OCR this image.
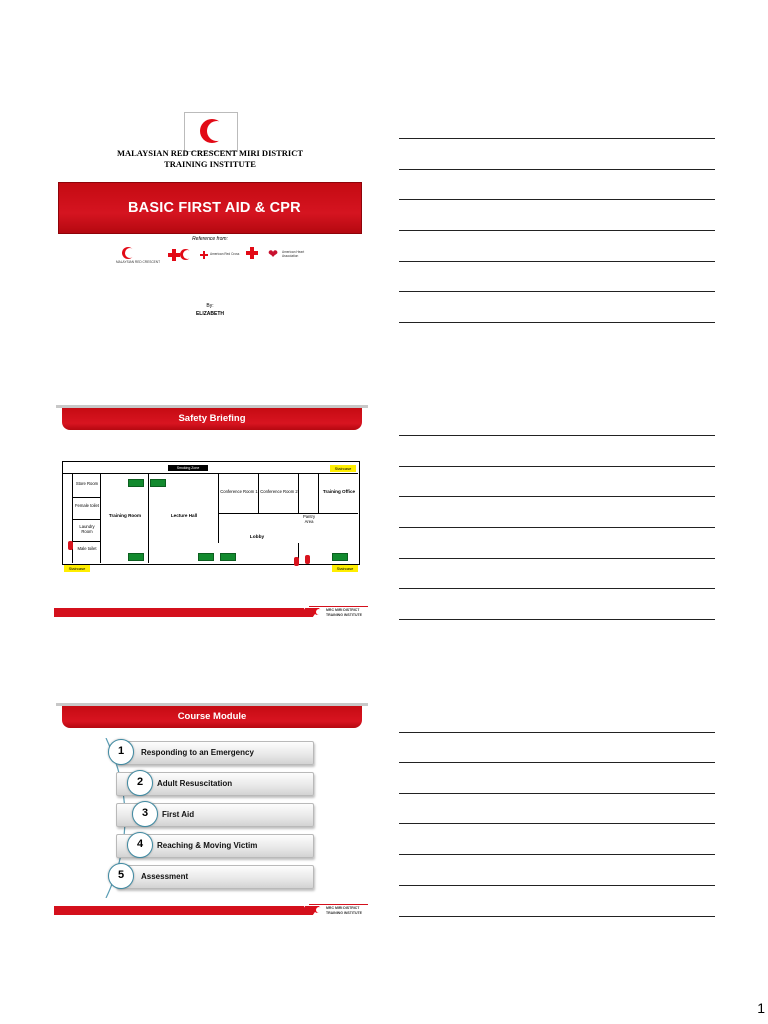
MALAYSIAN RED CRESCENT MIRI DISTRICT
TRAINING INSTITUTE
BASIC FIRST AID & CPR
Reference from:
MALAYSIAN RED CRESCENT
American Red Cross ❤ American Heart Association
By:
ELIZABETH
Safety Briefing
Smoking Zone	Staircase
Staircase	Staircase
Store Room
Female toilet
Laundry Room
Male toilet
Training Room	Lecture Hall
Conference Room 1 Conference Room 2
Pantry Area
Training Office
Lobby
MRC MIRI DISTRICT
TRAINING INSTITUTE
Course Module
Responding to an Emergency
1
Adult Resuscitation
2
First Aid
3
Reaching & Moving Victim
4
Assessment
5
MRC MIRI DISTRICT
TRAINING INSTITUTE
1
